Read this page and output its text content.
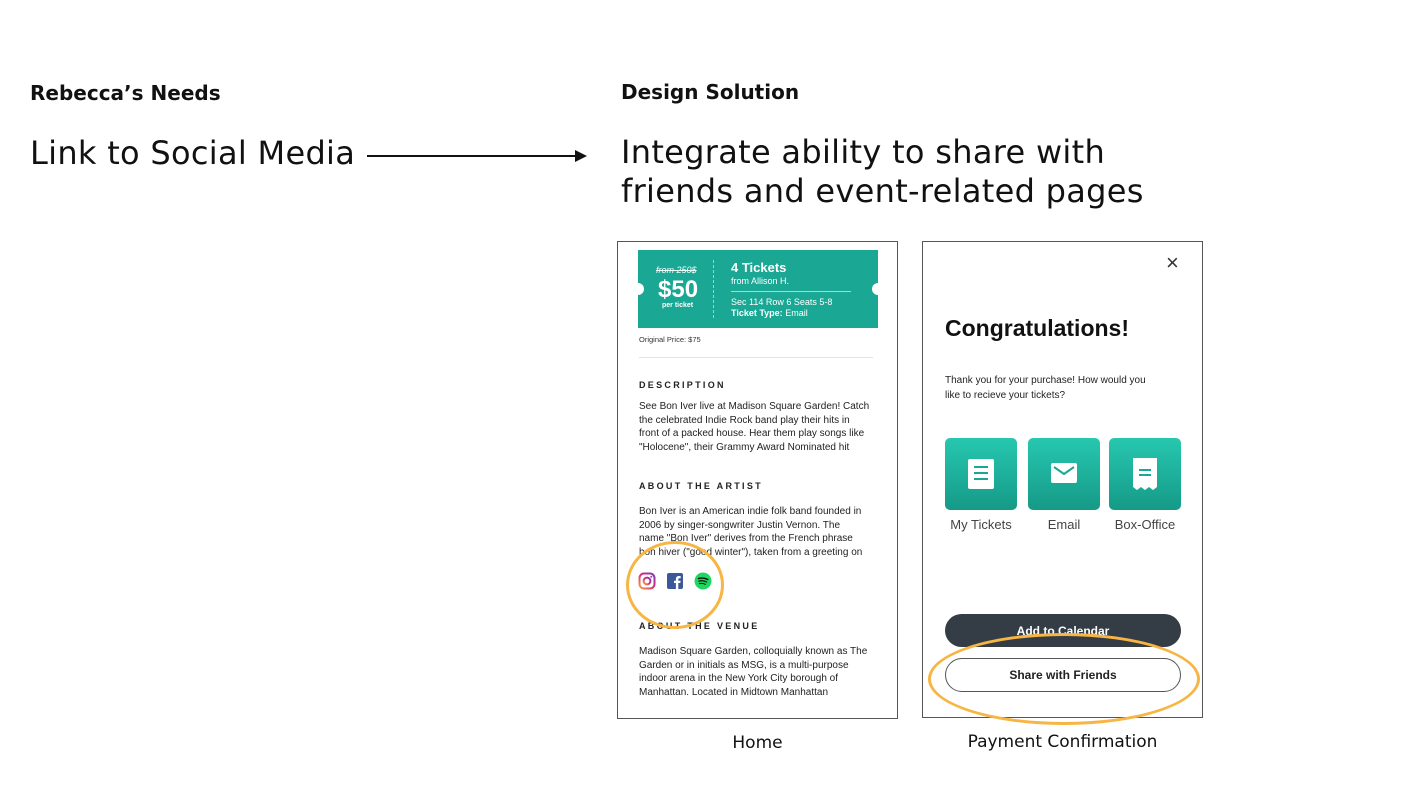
Rebecca’s Needs
Link to Social Media
Design Solution
Integrate ability to share with
friends and event-related pages
from 250$
$50
per ticket
4 Tickets
from Allison H.
Sec 114 Row 6 Seats 5-8
Ticket Type: Email
Original Price: $75
DESCRIPTION
See Bon Iver live at Madison Square Garden! Catch
the celebrated Indie Rock band play their hits in
front of a packed house. Hear them play songs like
"Holocene", their Grammy Award Nominated hit
ABOUT THE ARTIST
Bon Iver is an American indie folk band founded in
2006 by singer-songwriter Justin Vernon. The
name "Bon Iver" derives from the French phrase
bon hiver ("good winter"), taken from a greeting on
ABOUT THE VENUE
Madison Square Garden, colloquially known as The
Garden or in initials as MSG, is a multi-purpose
indoor arena in the New York City borough of
Manhattan. Located in Midtown Manhattan
Home
×
Congratulations!
Thank you for your purchase! How would you
like to recieve your tickets?
My Tickets	Email	Box-Office
Add to Calendar
Share with Friends
Payment Confirmation
